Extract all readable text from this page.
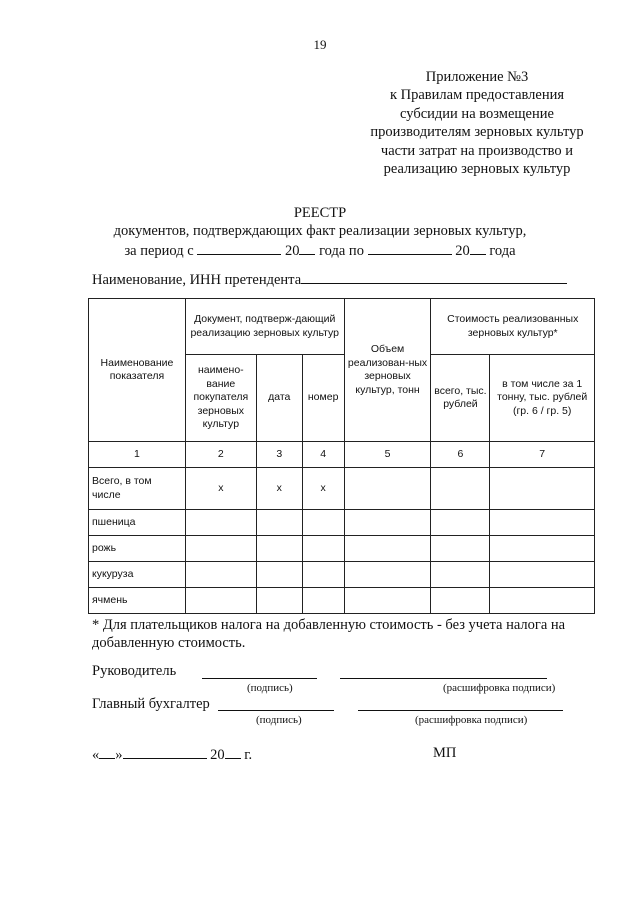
19
Приложение №3
к Правилам предоставления
субсидии на возмещение
производителям зерновых культур
части затрат на производство и
реализацию зерновых культур
РЕЕСТР
документов, подтверждающих факт реализации зерновых культур,
за период с	20 года по	20 года
Наименование, ИНН претендента
Наименование показателя	Документ, подтверж-дающий реализацию зерновых культур			Объем реализован-ных зерновых культур, тонн	Стоимость реализованных зерновых культур*	
	наимено-вание покупателя зерновых культур	дата	номер		всего, тыс. рублей	в том числе за 1 тонну, тыс. рублей (гр. 6 / гр. 5)
1	2	3	4	5	6	7
Всего, в том числе	x	x	x			
пшеница						
рожь						
кукуруза						
ячмень						
* Для плательщиков налога на добавленную стоимость - без учета налога на добавленную стоимость.
Руководитель
(подпись)	(расшифровка подписи)
Главный бухгалтер
(подпись)	(расшифровка подписи)
« »	20 г.	МП
